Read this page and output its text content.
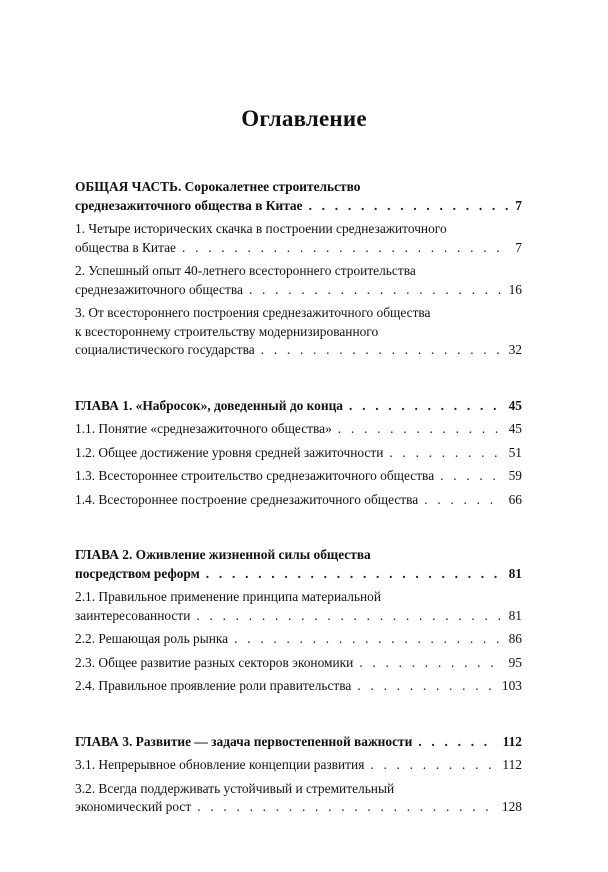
Оглавление
ОБЩАЯ ЧАСТЬ. Сорокалетнее строительство
среднезажиточного общества в Китае . . .	7
1. Четыре исторических скачка в построении среднезажиточного
общества в Китае . . .	7
2. Успешный опыт 40-летнего всестороннего строительства
среднезажиточного общества . . .	16
3. От всестороннего построения среднезажиточного общества
к всестороннему строительству модернизированного
социалистического государства . . .	32
ГЛАВА 1. «Набросок», доведенный до конца . . .	45
1.1. Понятие «среднезажиточного общества» . . .	45
1.2. Общее достижение уровня средней зажиточности . . .	51
1.3. Всестороннее строительство среднезажиточного общества . . .	59
1.4. Всестороннее построение среднезажиточного общества . . .	66
ГЛАВА 2. Оживление жизненной силы общества
посредством реформ . . .	81
2.1. Правильное применение принципа материальной
заинтересованности . . .	81
2.2. Решающая роль рынка . . .	86
2.3. Общее развитие разных секторов экономики . . .	95
2.4. Правильное проявление роли правительства . . .	103
ГЛАВА 3. Развитие — задача первостепенной важности . . .	112
3.1. Непрерывное обновление концепции развития . . .	112
3.2. Всегда поддерживать устойчивый и стремительный
экономический рост . . .	128
